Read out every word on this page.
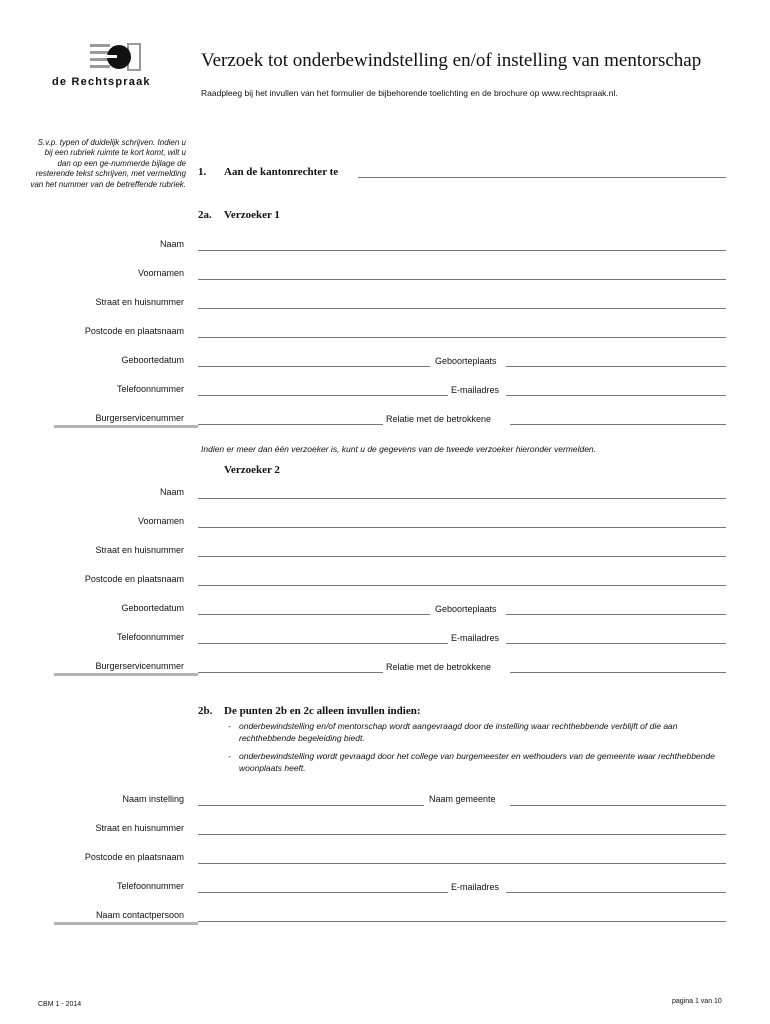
de Rechtspraak
Verzoek tot onderbewindstelling en/of instelling van mentorschap
Raadpleeg bij het invullen van het formulier de bijbehorende toelichting en de brochure op www.rechtspraak.nl.
S.v.p. typen of duidelijk schrijven. Indien u bij een rubriek ruimte te kort komt, wilt u dan op een ge-nummerde bijlage de resterende tekst schrijven, met vermelding van het nummer van de betreffende rubriek.
1. Aan de kantonrechter te
2a. Verzoeker 1
Naam
Voornamen
Straat en huisnummer
Postcode en plaatsnaam
Geboortedatum	Geboorteplaats
Telefoonnummer	E-mailadres
Burgerservicenummer	Relatie met de betrokkene
Indien er meer dan één verzoeker is, kunt u de gegevens van de tweede verzoeker hieronder vermelden.
Verzoeker 2
Naam
Voornamen
Straat en huisnummer
Postcode en plaatsnaam
Geboortedatum	Geboorteplaats
Telefoonnummer	E-mailadres
Burgerservicenummer	Relatie met de betrokkene
2b. De punten 2b en 2c alleen invullen indien:
- onderbewindstelling en/of mentorschap wordt aangevraagd door de instelling waar rechthebbende verblijft of die aan rechthebbende begeleiding biedt.
- onderbewindstelling wordt gevraagd door het college van burgemeester en wethouders van de gemeente waar rechthebbende woonplaats heeft.
Naam instelling	Naam gemeente
Straat en huisnummer
Postcode en plaatsnaam
Telefoonnummer	E-mailadres
Naam contactpersoon
CBM 1 - 2014	pagina 1 van 10
